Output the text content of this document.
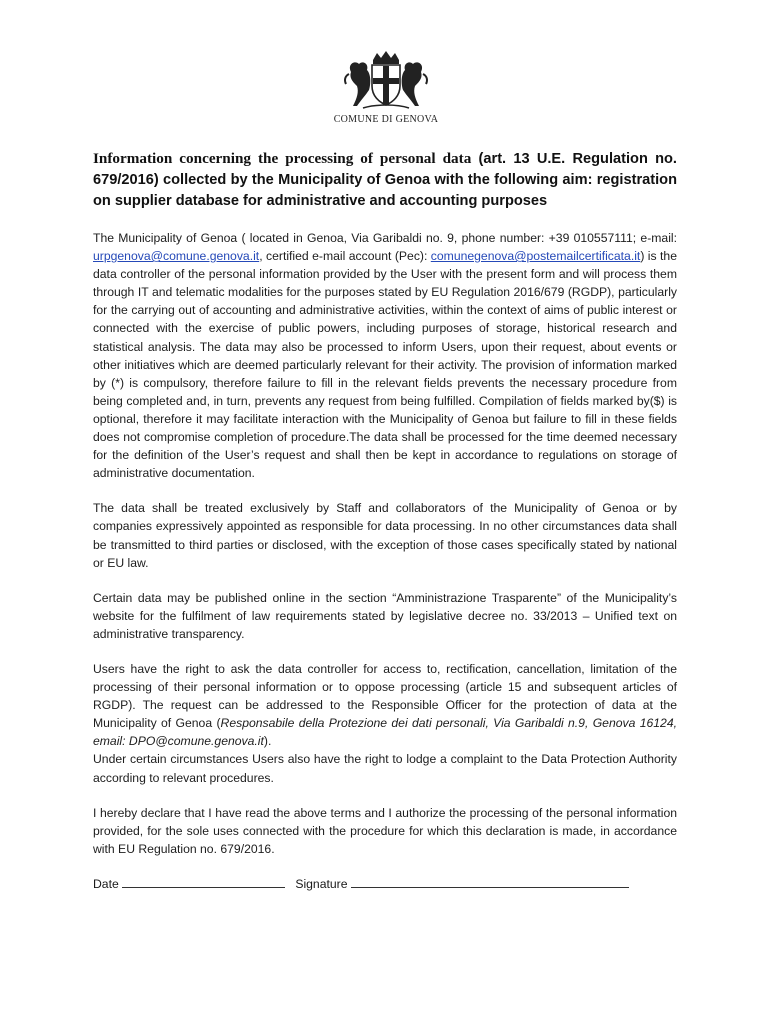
COMUNE DI GENOVA
Information concerning the processing of personal data (art. 13 U.E. Regulation no. 679/2016) collected by the Municipality of Genoa with the following aim: registration on supplier database for administrative and accounting purposes

The Municipality of Genoa ( located in Genoa, Via Garibaldi no. 9, phone number: +39 010557111; e-mail: urpgenova@comune.genova.it, certified e-mail account (Pec): comunegenova@postemailcertificata.it) is the data controller of the personal information provided by the User with the present form and will process them through IT and telematic modalities for the purposes stated by EU Regulation 2016/679 (RGDP), particularly for the carrying out of accounting and administrative activities, within the context of aims of public interest or connected with the exercise of public powers, including purposes of storage, historical research and statistical analysis. The data may also be processed to inform Users, upon their request, about events or other initiatives which are deemed particularly relevant for their activity. The provision of information marked by (*) is compulsory, therefore failure to fill in the relevant fields prevents the necessary procedure from being completed and, in turn, prevents any request from being fulfilled. Compilation of fields marked by($) is optional, therefore it may facilitate interaction with the Municipality of Genoa but failure to fill in these fields does not compromise completion of procedure.The data shall be processed for the time deemed necessary for the definition of the User’s request and shall then be kept in accordance to regulations on storage of administrative documentation.

The data shall be treated exclusively by Staff and collaborators of the Municipality of Genoa or by companies expressively appointed as responsible for data processing. In no other circumstances data shall be transmitted to third parties or disclosed, with the exception of those cases specifically stated by national or EU law.

Certain data may be published online in the section “Amministrazione Trasparente” of the Municipality’s website for the fulfilment of law requirements stated by legislative decree no. 33/2013 – Unified text on administrative transparency.

Users have the right to ask the data controller for access to, rectification, cancellation, limitation of the processing of their personal information or to oppose processing (article 15 and subsequent articles of RGDP). The request can be addressed to the Responsible Officer for the protection of data at the Municipality of Genoa (Responsabile della Protezione dei dati personali, Via Garibaldi n.9, Genova 16124, email: DPO@comune.genova.it).

Under certain circumstances Users also have the right to lodge a complaint to the Data Protection Authority according to relevant procedures.

I hereby declare that I have read the above terms and I authorize the processing of the personal information provided, for the sole uses connected with the procedure for which this declaration is made, in accordance with EU Regulation no. 679/2016.

Date	Signature
